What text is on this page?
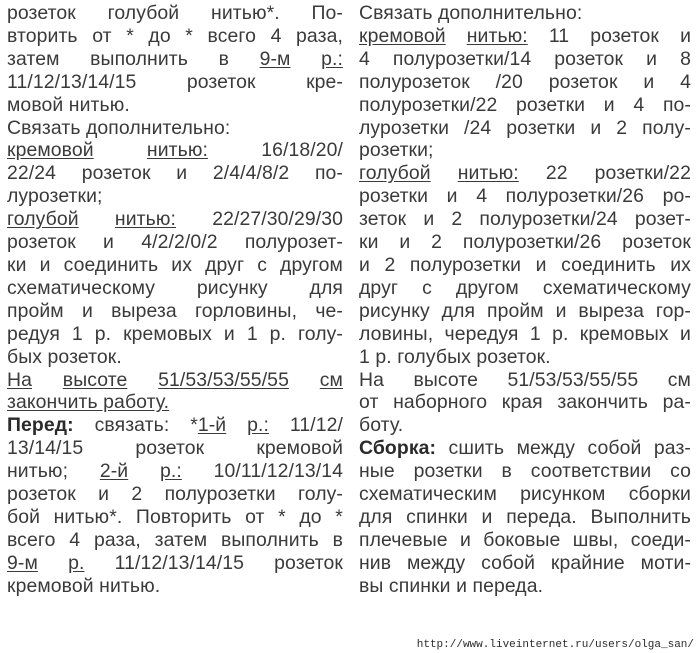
розеток голубой нитью*. По-
вторить от * до * всего 4 раза,
затем выполнить в 9-м р.:
11/12/13/14/15	розеток	кре-
мовой нитью.
Связать дополнительно:
кремовой	нитью:	16/18/20/
22/24 розеток и 2/4/4/8/2 по-
лурозетки;
голубой нитью: 22/27/30/29/30
розеток и 4/2/2/0/2 полурозет-
ки и соединить их друг с другом
схематическому рисунку для
пройм и выреза горловины, че-
редуя 1 р. кремовых и 1 р. голу-
бых розеток.
На высоте 51/53/53/55/55 см
закончить работу.
Перед: связать: *1-й р.: 11/12/
13/14/15	розеток	кремовой
нитью; 2-й р.: 10/11/12/13/14
розеток и 2 полурозетки голу-
бой нитью*. Повторить от * до *
всего 4 раза, затем выполнить в
9-м р. 11/12/13/14/15 розеток
кремовой нитью.
Связать дополнительно:
кремовой нитью: 11 розеток и
4 полурозетки/14 розеток и 8
полурозеток /20 розеток и 4
полурозетки/22 розетки и 4 по-
лурозетки /24 розетки и 2 полу-
розетки;
голубой нитью: 22 розетки/22
розетки и 4 полурозетки/26 ро-
зеток и 2 полурозетки/24 розет-
ки и 2 полурозетки/26 розеток
и 2 полурозетки и соединить их
друг с другом схематическому
рисунку для пройм и выреза гор-
ловины, чередуя 1 р. кремовых и
1 р. голубых розеток.
На высоте 51/53/53/55/55 см
от наборного края закончить ра-
боту.
Сборка: сшить между собой раз-
ные розетки в соответствии со
схематическим рисунком сборки
для спинки и переда. Выполнить
плечевые и боковые швы, соеди-
нив между собой крайние моти-
вы спинки и переда.
http://www.liveinternet.ru/users/olga_san/
